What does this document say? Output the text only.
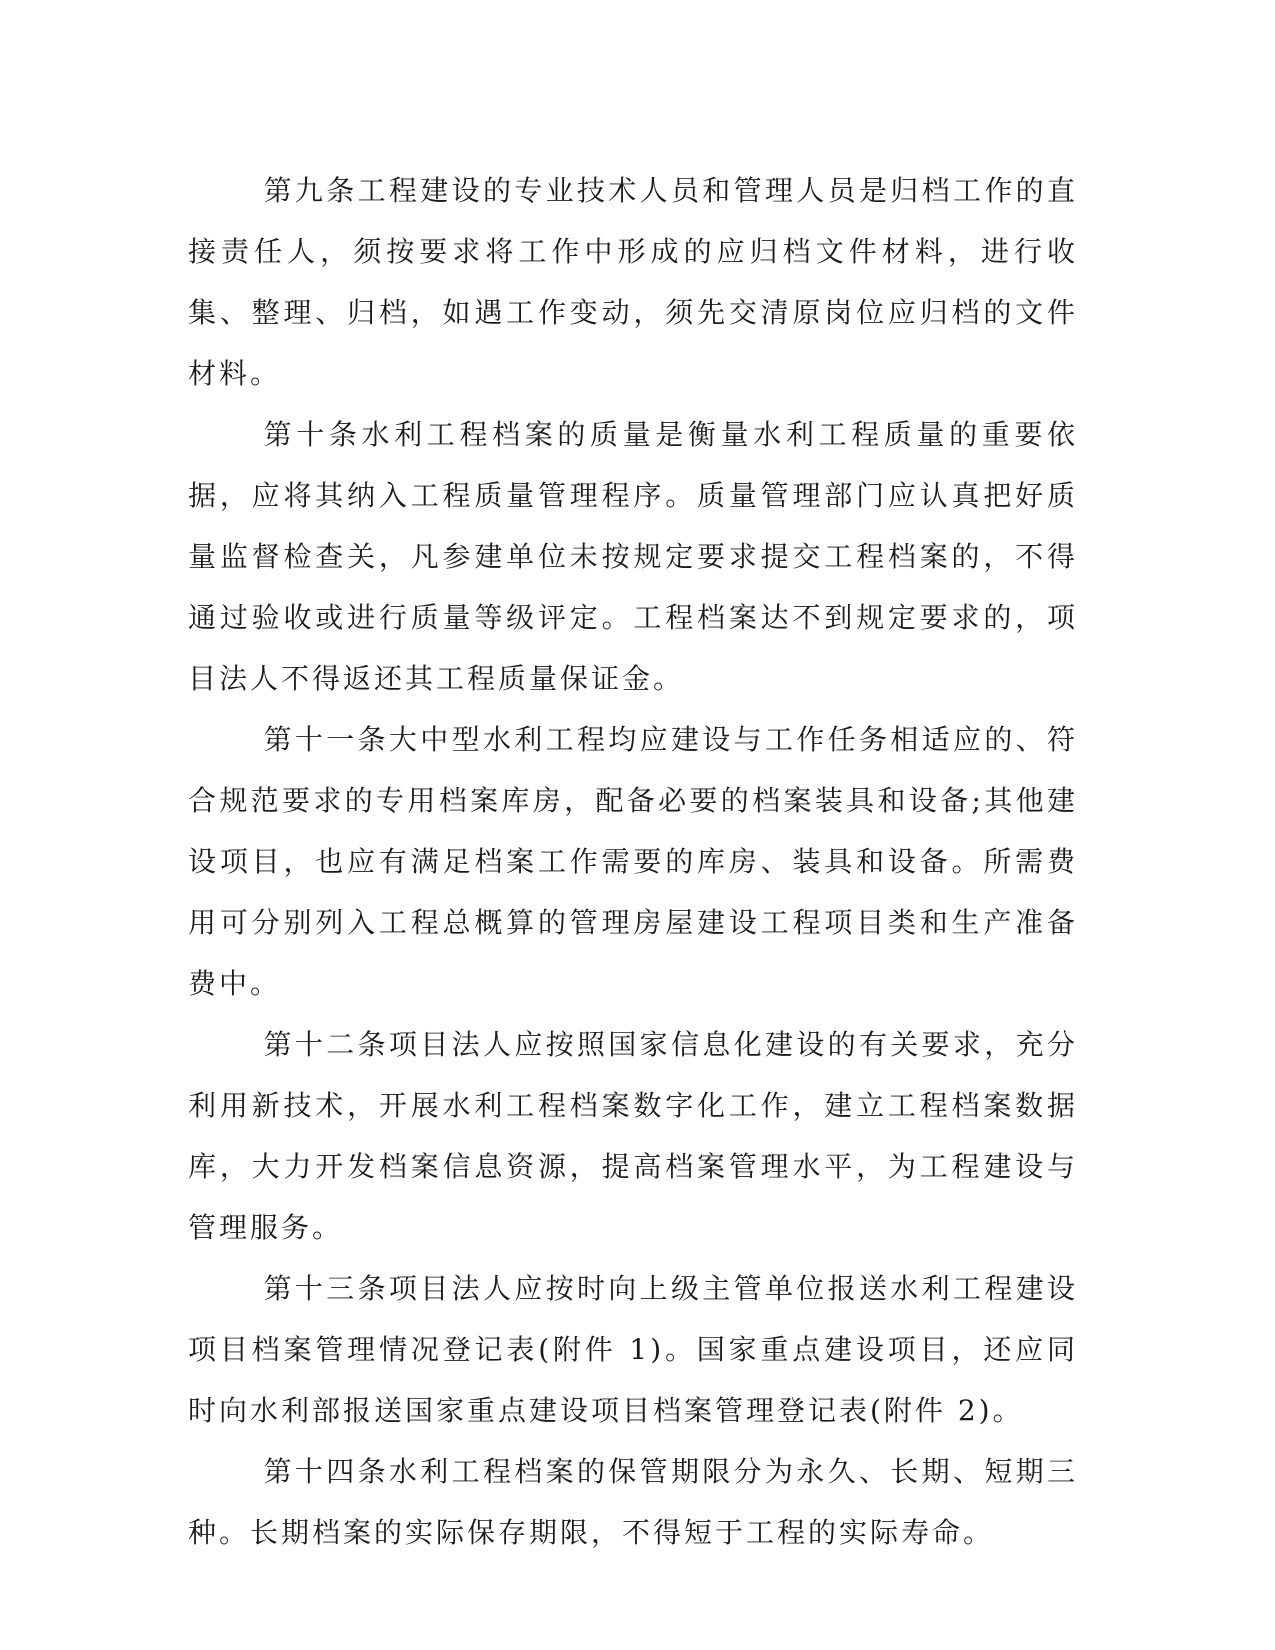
第九条工程建设的专业技术人员和管理人员是归档工作的直接责任人，须按要求将工作中形成的应归档文件材料，进行收集、整理、归档，如遇工作变动，须先交清原岗位应归档的文件材料。

第十条水利工程档案的质量是衡量水利工程质量的重要依据，应将其纳入工程质量管理程序。质量管理部门应认真把好质量监督检查关，凡参建单位未按规定要求提交工程档案的，不得通过验收或进行质量等级评定。工程档案达不到规定要求的，项目法人不得返还其工程质量保证金。

第十一条大中型水利工程均应建设与工作任务相适应的、符合规范要求的专用档案库房，配备必要的档案装具和设备;其他建设项目，也应有满足档案工作需要的库房、装具和设备。所需费用可分别列入工程总概算的管理房屋建设工程项目类和生产准备费中。

第十二条项目法人应按照国家信息化建设的有关要求，充分利用新技术，开展水利工程档案数字化工作，建立工程档案数据库，大力开发档案信息资源，提高档案管理水平，为工程建设与管理服务。

第十三条项目法人应按时向上级主管单位报送水利工程建设项目档案管理情况登记表(附件 1)。国家重点建设项目，还应同时向水利部报送国家重点建设项目档案管理登记表(附件 2)。

第十四条水利工程档案的保管期限分为永久、长期、短期三种。长期档案的实际保存期限，不得短于工程的实际寿命。
